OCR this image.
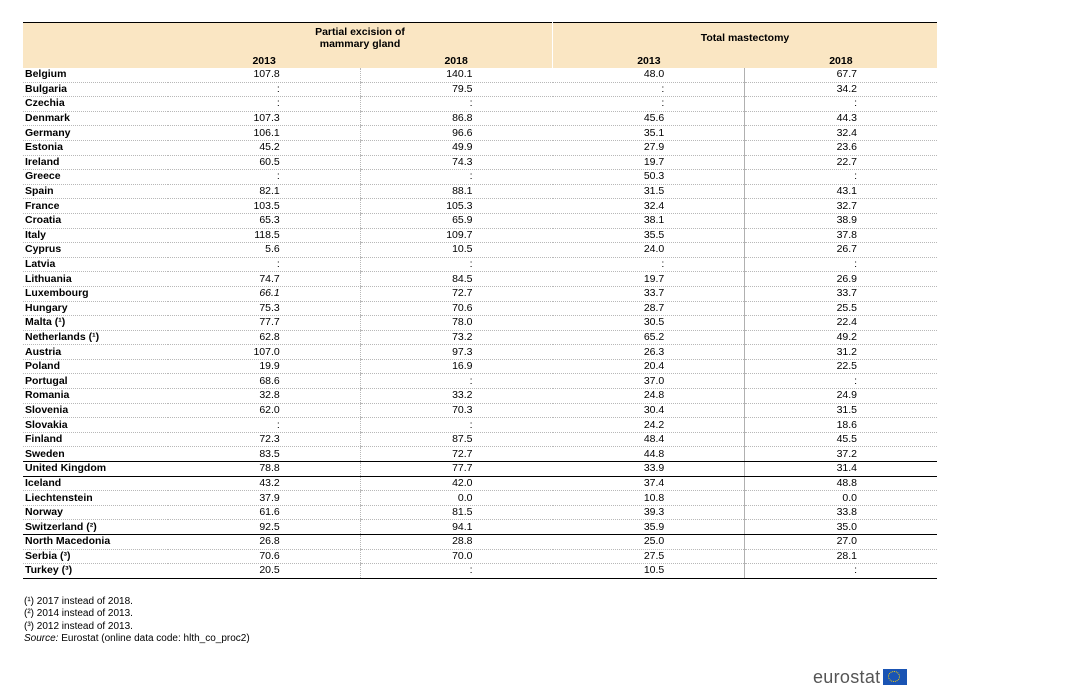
	Partial excision of
mammary gland		Total mastectomy	
	2013	2018	2013	2018
Belgium	107.8	140.1	48.0	67.7
Bulgaria	:	79.5	:	34.2
Czechia	:	:	:	:
Denmark	107.3	86.8	45.6	44.3
Germany	106.1	96.6	35.1	32.4
Estonia	45.2	49.9	27.9	23.6
Ireland	60.5	74.3	19.7	22.7
Greece	:	:	50.3	:
Spain	82.1	88.1	31.5	43.1
France	103.5	105.3	32.4	32.7
Croatia	65.3	65.9	38.1	38.9
Italy	118.5	109.7	35.5	37.8
Cyprus	5.6	10.5	24.0	26.7
Latvia	:	:	:	:
Lithuania	74.7	84.5	19.7	26.9
Luxembourg	66.1	72.7	33.7	33.7
Hungary	75.3	70.6	28.7	25.5
Malta (¹)	77.7	78.0	30.5	22.4
Netherlands (¹)	62.8	73.2	65.2	49.2
Austria	107.0	97.3	26.3	31.2
Poland	19.9	16.9	20.4	22.5
Portugal	68.6	:	37.0	:
Romania	32.8	33.2	24.8	24.9
Slovenia	62.0	70.3	30.4	31.5
Slovakia	:	:	24.2	18.6
Finland	72.3	87.5	48.4	45.5
Sweden	83.5	72.7	44.8	37.2
United Kingdom	78.8	77.7	33.9	31.4
Iceland	43.2	42.0	37.4	48.8
Liechtenstein	37.9	0.0	10.8	0.0
Norway	61.6	81.5	39.3	33.8
Switzerland (²)	92.5	94.1	35.9	35.0
North Macedonia	26.8	28.8	25.0	27.0
Serbia (³)	70.6	70.0	27.5	28.1
Turkey (³)	20.5	:	10.5	:
(¹) 2017 instead of 2018.
(²) 2014 instead of 2013.
(³) 2012 instead of 2013.
Source: Eurostat (online data code: hlth_co_proc2)
eurostat
